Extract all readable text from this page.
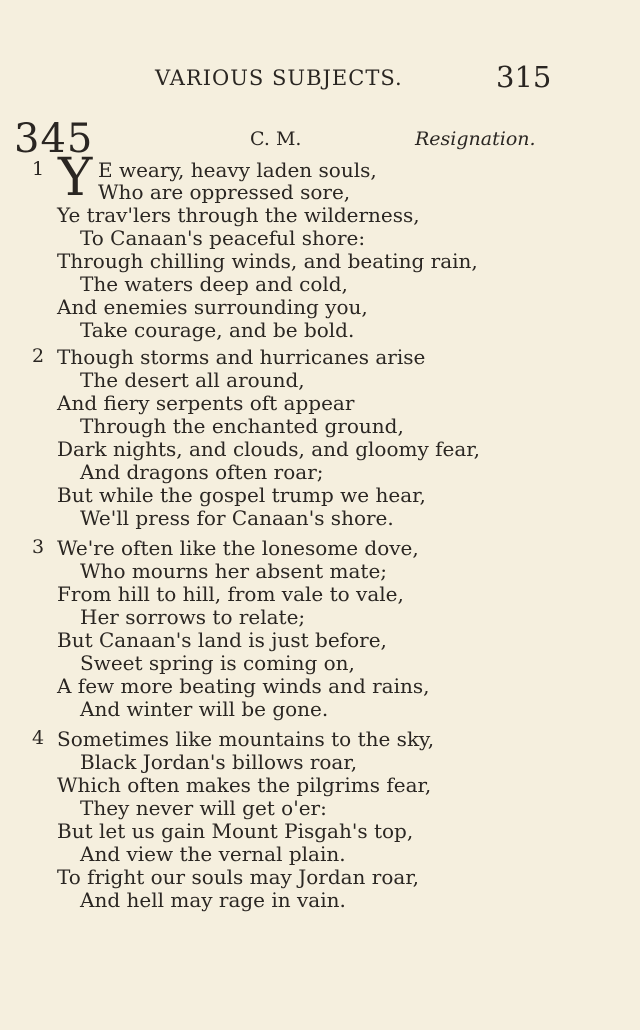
VARIOUS SUBJECTS.	315
345	C. M.	Resignation.
1 Y E weary, heavy laden souls,
Who are oppressed sore,
Ye trav'lers through the wilderness,
To Canaan's peaceful shore:
Through chilling winds, and beating rain,
The waters deep and cold,
And enemies surrounding you,
Take courage, and be bold.
2 Though storms and hurricanes arise
The desert all around,
And fiery serpents oft appear
Through the enchanted ground,
Dark nights, and clouds, and gloomy fear,
And dragons often roar;
But while the gospel trump we hear,
We'll press for Canaan's shore.
3 We're often like the lonesome dove,
Who mourns her absent mate;
From hill to hill, from vale to vale,
Her sorrows to relate;
But Canaan's land is just before,
Sweet spring is coming on,
A few more beating winds and rains,
And winter will be gone.
4 Sometimes like mountains to the sky,
Black Jordan's billows roar,
Which often makes the pilgrims fear,
They never will get o'er:
But let us gain Mount Pisgah's top,
And view the vernal plain.
To fright our souls may Jordan roar,
And hell may rage in vain.
